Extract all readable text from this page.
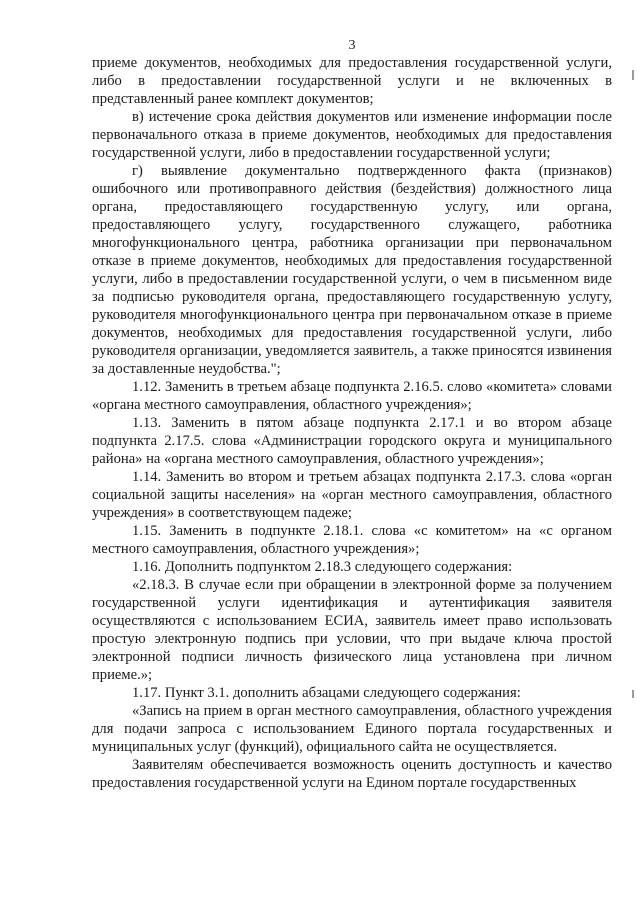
3

приеме документов, необходимых для предоставления государственной услуги, либо в предоставлении государственной услуги и не включенных в представленный ранее комплект документов;

в) истечение срока действия документов или изменение информации после первоначального отказа в приеме документов, необходимых для предоставления государственной услуги, либо в предоставлении государственной услуги;

г) выявление документально подтвержденного факта (признаков) ошибочного или противоправного действия (бездействия) должностного лица органа, предоставляющего государственную услугу, или органа, предоставляющего услугу, государственного служащего, работника многофункционального центра, работника организации при первоначальном отказе в приеме документов, необходимых для предоставления государственной услуги, либо в предоставлении государственной услуги, о чем в письменном виде за подписью руководителя органа, предоставляющего государственную услугу, руководителя многофункционального центра при первоначальном отказе в приеме документов, необходимых для предоставления государственной услуги, либо руководителя организации, уведомляется заявитель, а также приносятся извинения за доставленные неудобства.";

1.12. Заменить в третьем абзаце подпункта 2.16.5. слово «комитета» словами «органа местного самоуправления, областного учреждения»;

1.13. Заменить в пятом абзаце подпункта 2.17.1 и во втором абзаце подпункта 2.17.5. слова «Администрации городского округа и муниципального района» на «органа местного самоуправления, областного учреждения»;

1.14. Заменить во втором и третьем абзацах подпункта 2.17.3. слова «орган социальной защиты населения» на «орган местного самоуправления, областного учреждения» в соответствующем падеже;

1.15. Заменить в подпункте 2.18.1. слова «с комитетом» на «с органом местного самоуправления, областного учреждения»;

1.16. Дополнить подпунктом 2.18.3 следующего содержания:

«2.18.3. В случае если при обращении в электронной форме за получением государственной услуги идентификация и аутентификация заявителя осуществляются с использованием ЕСИА, заявитель имеет право использовать простую электронную подпись при условии, что при выдаче ключа простой электронной подписи личность физического лица установлена при личном приеме.»;

1.17. Пункт 3.1. дополнить абзацами следующего содержания:

«Запись на прием в орган местного самоуправления, областного учреждения для подачи запроса с использованием Единого портала государственных и муниципальных услуг (функций), официального сайта не осуществляется.

Заявителям обеспечивается возможность оценить доступность и качество предоставления государственной услуги на Едином портале государственных
